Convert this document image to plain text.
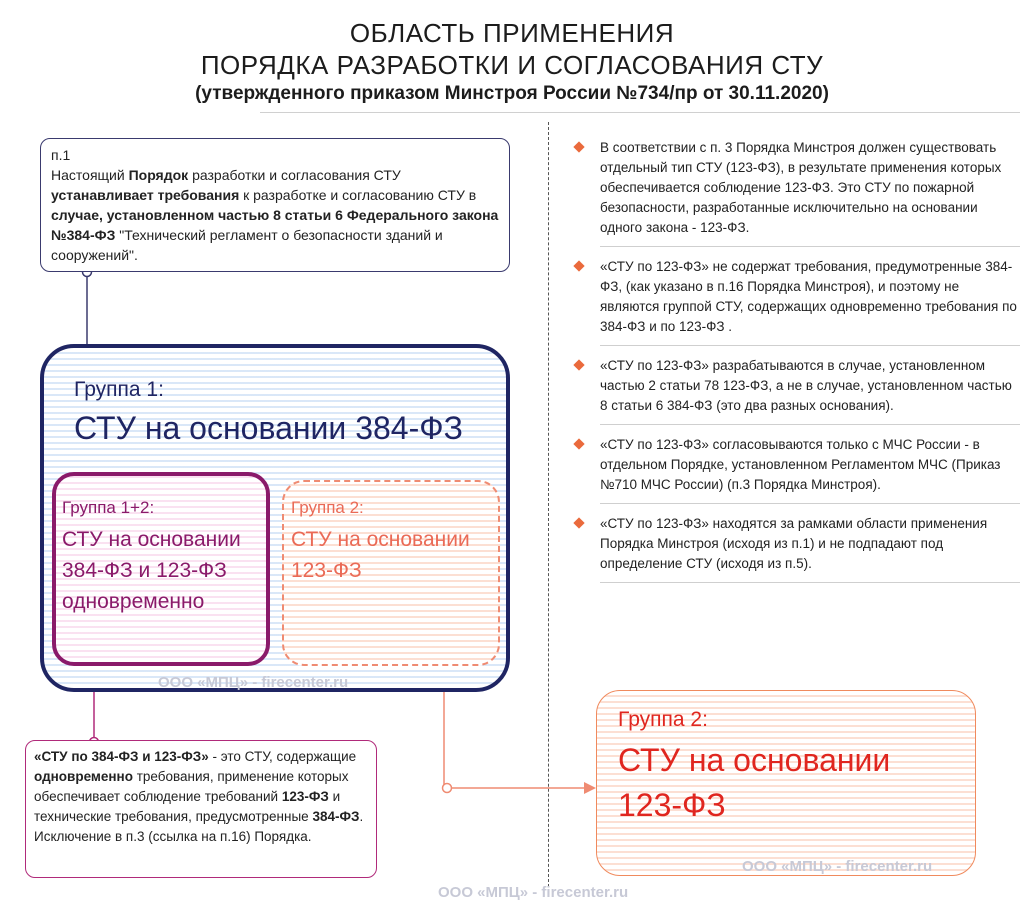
ОБЛАСТЬ ПРИМЕНЕНИЯ
ПОРЯДКА РАЗРАБОТКИ И СОГЛАСОВАНИЯ СТУ
(утвержденного приказом Минстроя России №734/пр от 30.11.2020)
п.1
Настоящий Порядок разработки и согласования СТУ устанавливает требования к разработке и согласованию СТУ в случае, установленном частью 8 статьи 6 Федерального закона №384-ФЗ "Технический регламент о безопасности зданий и сооружений".
Группа 1:
СТУ на основании 384-ФЗ
Группа 1+2:
СТУ на основании 384-ФЗ и 123-ФЗ одновременно
Группа 2:
СТУ на основании 123-ФЗ
ООО «МПЦ» - firecenter.ru
«СТУ по 384-ФЗ и 123-ФЗ» - это СТУ, содержащие одновременно требования, применение которых обеспечивает соблюдение требований 123-ФЗ и технические требования, предусмотренные 384-ФЗ. Исключение в п.3 (ссылка на п.16) Порядка.
В соответствии с п. 3 Порядка Минстроя должен существовать отдельный тип СТУ (123-ФЗ), в результате применения которых обеспечивается соблюдение 123-ФЗ. Это СТУ по пожарной безопасности, разработанные исключительно на основании одного закона - 123-ФЗ.
«СТУ по 123-ФЗ» не содержат требования, предумотренные 384-ФЗ, (как указано в п.16 Порядка Минстроя), и поэтому не являются группой СТУ, содержащих одновременно требования по 384-ФЗ и по 123-ФЗ .
«СТУ по 123-ФЗ» разрабатываются в случае, установленном частью 2 статьи 78 123-ФЗ, а не в случае, установленном частью 8 статьи 6 384-ФЗ (это два разных основания).
«СТУ по 123-ФЗ» согласовываются только с МЧС России - в отдельном Порядке, установленном Регламентом МЧС (Приказ №710 МЧС России) (п.3 Порядка Минстроя).
«СТУ по 123-ФЗ» находятся за рамками области применения Порядка Минстроя (исходя из п.1) и не подпадают под определение СТУ (исходя из п.5).
Группа 2:
СТУ на основании 123-ФЗ
ООО «МПЦ» - firecenter.ru
ООО «МПЦ» - firecenter.ru
